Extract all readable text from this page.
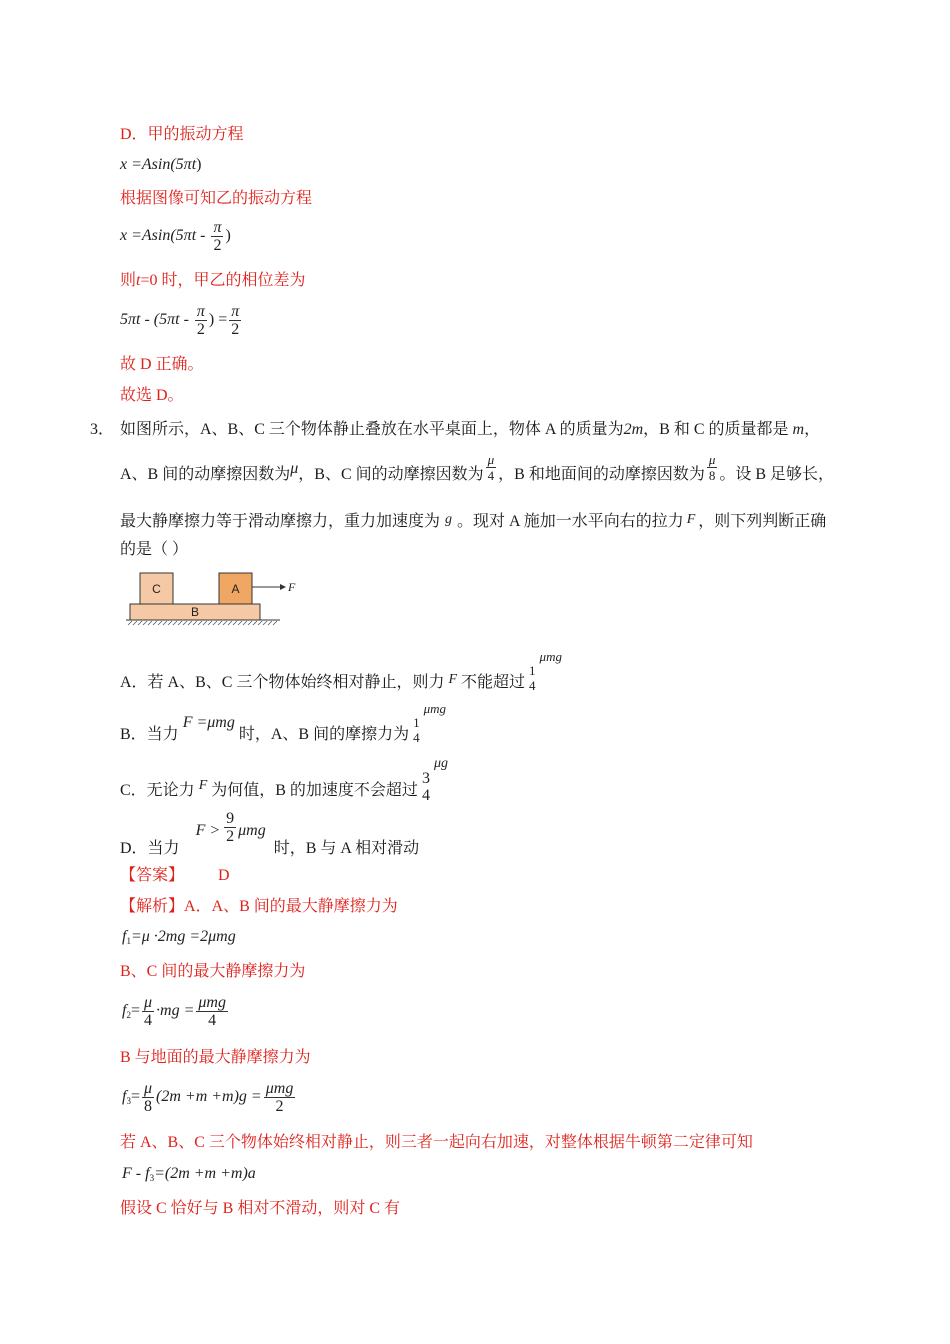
D．甲的振动方程
x =Asin(5πt)
根据图像可知乙的振动方程
$x =Asin(5\pi t - \frac{\pi}{2}$ )
则t=0 时，甲乙的相位差为
$5\pi t - (5\pi t - \frac{\pi}{2}$ ) = $\frac{\pi}{2}$
故 D 正确。
故选 D。
3． 如图所示，A、B、C 三个物体静止叠放在水平桌面上，物体 A 的质量为2m，B 和 C 的质量都是 m，
A、B 间的动摩擦因数为μ，B、C 间的动摩擦因数为 $\frac{\mu}{4}$ ，B 和地面间的动摩擦因数为 $\frac{\mu}{8}$ 。设 B 足够长，
最大静摩擦力等于滑动摩擦力，重力加速度为 g 。现对 A 施加一水平向右的拉力 F ，则下列判断正确
的是（ ）
C	A
B
F
A．若 A、B、C 三个物体始终相对静止，则力 F 不能超过
1
4
$^{\mu mg}$
B．当力F =μmg时，A、B 间的摩擦力为
1
4
$^{\mu mg}$
C．无论力 F 为何值，B 的加速度不会超过
3
4
μg
D．当力$F > \frac{9}{2}$ μmg时，B 与 A 相对滑动
【答案】 D
【解析】A．A、B 间的最大静摩擦力为
$f_1=\mu \cdot 2mg =2\mu mg$
B、C 间的最大静摩擦力为
$f_2= \frac{\mu}{4} \cdot mg = \frac{\text{μmg}}{4}$
B 与地面的最大静摩擦力为
$f_3= \frac{\mu}{8} (2m +m +m)g = \frac{\text{μmg}}{2}$
若 A、B、C 三个物体始终相对静止，则三者一起向右加速，对整体根据牛顿第二定律可知
$F - f_3=(2m +m +m)a$
假设 C 恰好与 B 相对不滑动，则对 C 有
